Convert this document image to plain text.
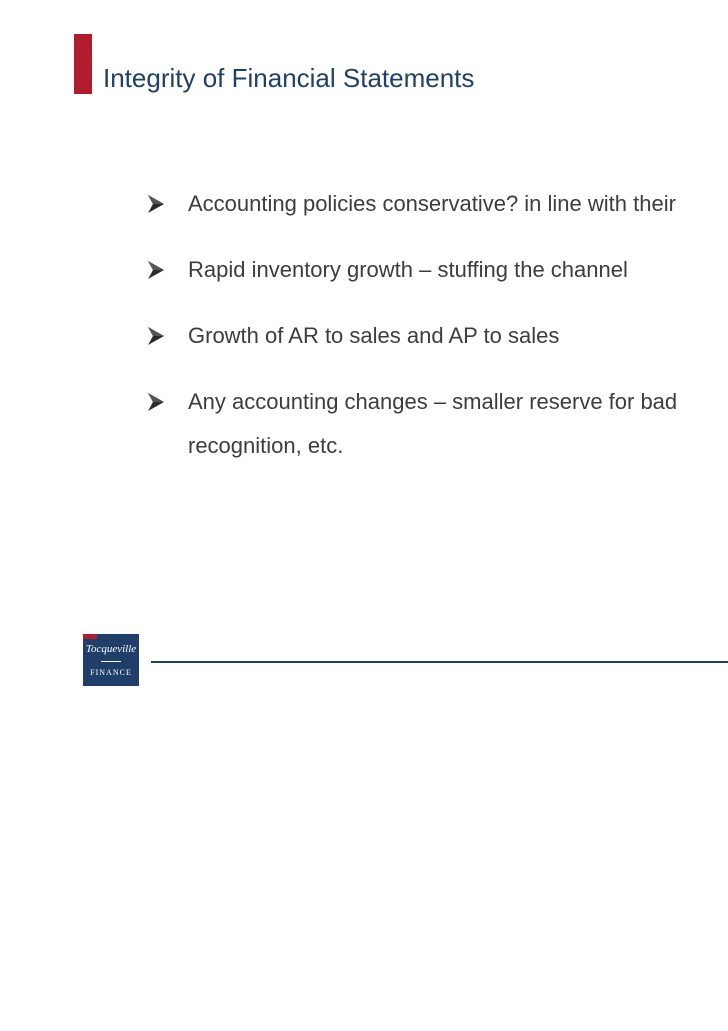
Integrity of Financial Statements
Accounting policies conservative? in line with their
Rapid inventory growth – stuffing the channel
Growth of AR to sales and AP to sales
Any accounting changes – smaller reserve for bad
recognition, etc.
Tocqueville
FINANCE
